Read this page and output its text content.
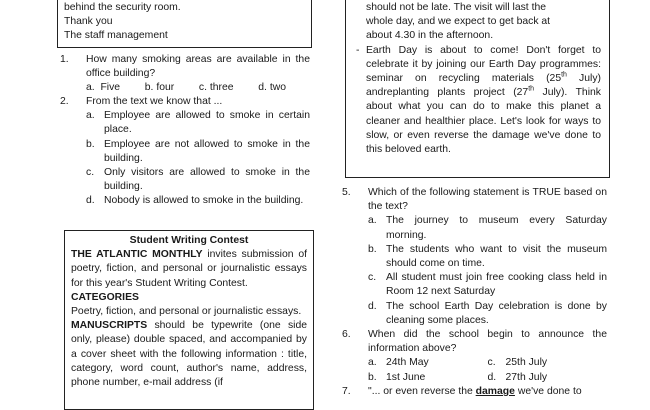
behind the security room.
Thank you
The staff management
1.	How many smoking areas are available in the office building?
a. Five b. four c. three d. two
2.	From the text we know that ...
a. Employee are allowed to smoke in certain place.
b. Employee are not allowed to smoke in the building.
c. Only visitors are allowed to smoke in the building.
d. Nobody is allowed to smoke in the building.
Student Writing Contest
THE ATLANTIC MONTHLY invites submission of poetry, fiction, and personal or journalistic essays for this year's Student Writing Contest.
CATEGORIES
Poetry, fiction, and personal or journalistic essays.
MANUSCRIPTS should be typewrite (one side only, please) double spaced, and accompanied by a cover sheet with the following information : title, category, word count, author's name, address, phone number, e-mail address (if
should not be late. The visit will last the
whole day, and we expect to get back at
about 4.30 in the afternoon.
- Earth Day is about to come! Don't forget to celebrate it by joining our Earth Day programmes: seminar on recycling materials (25th July) andreplanting plants project (27th July). Think about what you can do to make this planet a cleaner and healthier place. Let's look for ways to slow, or even reverse the damage we've done to this beloved earth.
5.	Which of the following statement is TRUE based on the text?
a. The journey to museum every Saturday morning.
b. The students who want to visit the museum should come on time.
c. All student must join free cooking class held in Room 12 next Saturday
d. The school Earth Day celebration is done by cleaning some places.
6.	When did the school begin to announce the information above?
a. 24th May	c. 25th July
b. 1st June	d. 27th July
7.	"... or even reverse the damage we've done to
